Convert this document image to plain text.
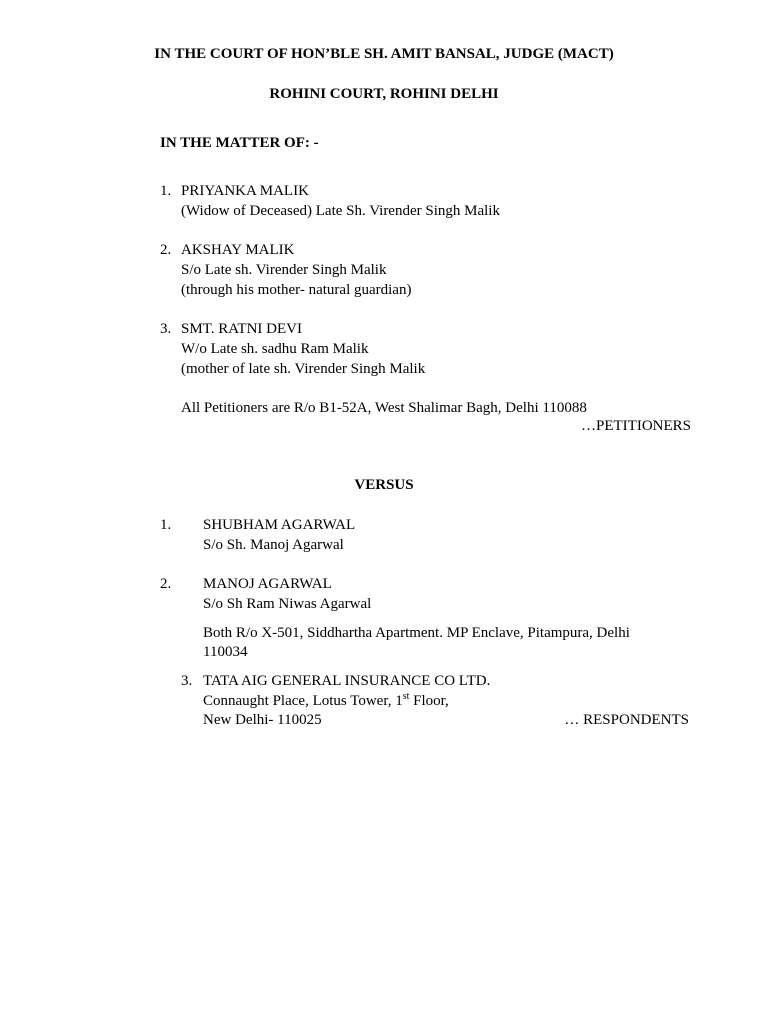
IN THE COURT OF HON’BLE SH. AMIT BANSAL, JUDGE (MACT)
ROHINI COURT, ROHINI DELHI
IN THE MATTER OF: -
1. PRIYANKA MALIK
(Widow of Deceased) Late Sh. Virender Singh Malik
2. AKSHAY MALIK
S/o Late sh. Virender Singh Malik
(through his mother- natural guardian)
3. SMT. RATNI DEVI
W/o Late sh. sadhu Ram Malik
(mother of late sh. Virender Singh Malik
All Petitioners are R/o B1-52A, West Shalimar Bagh, Delhi 110088
…PETITIONERS
VERSUS
1. SHUBHAM AGARWAL
S/o Sh. Manoj Agarwal
2. MANOJ AGARWAL
S/o Sh Ram Niwas Agarwal
Both R/o X-501, Siddhartha Apartment. MP Enclave, Pitampura, Delhi
110034
3. TATA AIG GENERAL INSURANCE CO LTD.
Connaught Place, Lotus Tower, 1st Floor,
New Delhi- 110025	… RESPONDENTS
